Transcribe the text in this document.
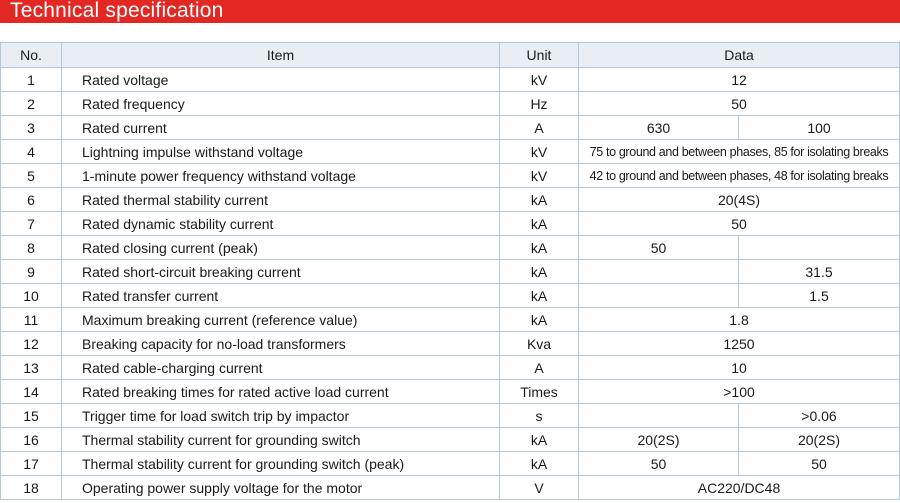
Technical specification
No.	Item	Unit	Data	
1	Rated voltage	kV	12	
2	Rated frequency	Hz	50	
3	Rated current	A	630	100
4	Lightning impulse withstand voltage	kV	75 to ground and between phases, 85 for isolating breaks	
5	1-minute power frequency withstand voltage	kV	42 to ground and between phases, 48 for isolating breaks	
6	Rated thermal stability current	kA	20(4S)	
7	Rated dynamic stability current	kA	50	
8	Rated closing current (peak)	kA	50	
9	Rated short-circuit breaking current	kA		31.5
10	Rated transfer current	kA		1.5
11	Maximum breaking current (reference value)	kA	1.8	
12	Breaking capacity for no-load transformers	Kva	1250	
13	Rated cable-charging current	A	10	
14	Rated breaking times for rated active load current	Times	>100	
15	Trigger time for load switch trip by impactor	s		>0.06
16	Thermal stability current for grounding switch	kA	20(2S)	20(2S)
17	Thermal stability current for grounding switch (peak)	kA	50	50
18	Operating power supply voltage for the motor	V	AC220/DC48	
